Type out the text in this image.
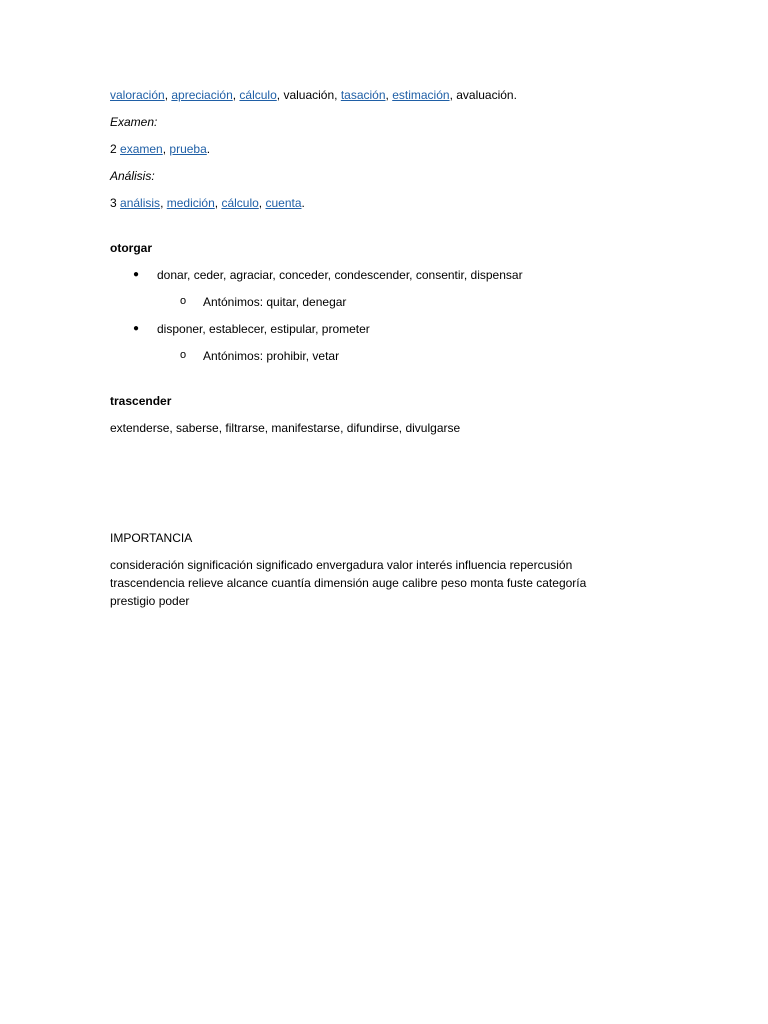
valoración, apreciación, cálculo, valuación, tasación, estimación, avaluación.
Examen:
2 examen, prueba.
Análisis:
3 análisis, medición, cálculo, cuenta.
otorgar
● donar, ceder, agraciar, conceder, condescender, consentir, dispensar
o Antónimos: quitar, denegar
● disponer, establecer, estipular, prometer
o Antónimos: prohibir, vetar
trascender
extenderse, saberse, filtrarse, manifestarse, difundirse, divulgarse
IMPORTANCIA
consideración significación significado envergadura valor interés influencia repercusión
trascendencia relieve alcance cuantía dimensión auge calibre peso monta fuste categoría
prestigio poder
